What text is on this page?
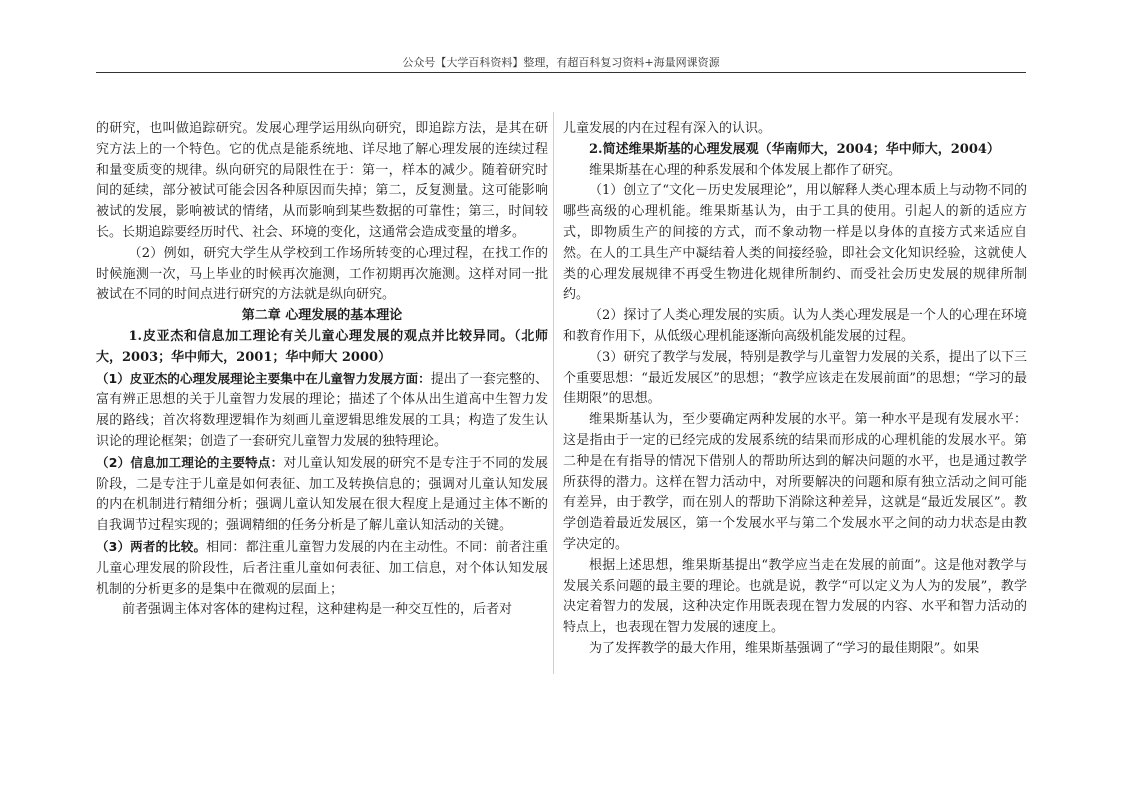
公众号【大学百科资料】整理，有超百科复习资料+海量网课资源

的研究，也叫做追踪研究。发展心理学运用纵向研究，即追踪方法，是其在研究方法上的一个特色。它的优点是能系统地、详尽地了解心理发展的连续过程和量变质变的规律。纵向研究的局限性在于：第一，样本的减少。随着研究时间的延续，部分被试可能会因各种原因而失掉；第二，反复测量。这可能影响被试的发展，影响被试的情绪，从而影响到某些数据的可靠性；第三，时间较长。长期追踪要经历时代、社会、环境的变化，这通常会造成变量的增多。

（2）例如，研究大学生从学校到工作场所转变的心理过程，在找工作的时候施测一次，马上毕业的时候再次施测，工作初期再次施测。这样对同一批被试在不同的时间点进行研究的方法就是纵向研究。

第二章 心理发展的基本理论

1.皮亚杰和信息加工理论有关儿童心理发展的观点并比较异同。（北师大，2003；华中师大，2001；华中师大 2000）

（1）皮亚杰的心理发展理论主要集中在儿童智力发展方面：提出了一套完整的、富有辨正思想的关于儿童智力发展的理论；描述了个体从出生道高中生智力发展的路线；首次将数理逻辑作为刻画儿童逻辑思维发展的工具；构造了发生认识论的理论框架；创造了一套研究儿童智力发展的独特理论。

（2）信息加工理论的主要特点：对儿童认知发展的研究不是专注于不同的发展阶段，二是专注于儿童是如何表征、加工及转换信息的；强调对儿童认知发展的内在机制进行精细分析；强调儿童认知发展在很大程度上是通过主体不断的自我调节过程实现的；强调精细的任务分析是了解儿童认知活动的关键。

（3）两者的比较。相同：都注重儿童智力发展的内在主动性。不同：前者注重儿童心理发展的阶段性，后者注重儿童如何表征、加工信息，对个体认知发展机制的分析更多的是集中在微观的层面上；

前者强调主体对客体的建构过程，这种建构是一种交互性的，后者对

儿童发展的内在过程有深入的认识。

2.简述维果斯基的心理发展观（华南师大，2004；华中师大，2004）

维果斯基在心理的种系发展和个体发展上都作了研究。

（1）创立了“文化－历史发展理论”，用以解释人类心理本质上与动物不同的哪些高级的心理机能。维果斯基认为，由于工具的使用。引起人的新的适应方式，即物质生产的间接的方式，而不象动物一样是以身体的直接方式来适应自然。在人的工具生产中凝结着人类的间接经验，即社会文化知识经验，这就使人类的心理发展规律不再受生物进化规律所制约、而受社会历史发展的规律所制约。

（2）探讨了人类心理发展的实质。认为人类心理发展是一个人的心理在环境和教育作用下，从低级心理机能逐渐向高级机能发展的过程。

（3）研究了教学与发展，特别是教学与儿童智力发展的关系，提出了以下三个重要思想：“最近发展区”的思想；“教学应该走在发展前面”的思想；“学习的最佳期限”的思想。

维果斯基认为，至少要确定两种发展的水平。第一种水平是现有发展水平：这是指由于一定的已经完成的发展系统的结果而形成的心理机能的发展水平。第二种是在有指导的情况下借别人的帮助所达到的解决问题的水平，也是通过教学所获得的潜力。这样在智力活动中，对所要解决的问题和原有独立活动之间可能有差异，由于教学，而在别人的帮助下消除这种差异，这就是“最近发展区”。教学创造着最近发展区，第一个发展水平与第二个发展水平之间的动力状态是由教学决定的。

根据上述思想，维果斯基提出“教学应当走在发展的前面”。这是他对教学与发展关系问题的最主要的理论。也就是说，教学“可以定义为人为的发展”，教学决定着智力的发展，这种决定作用既表现在智力发展的内容、水平和智力活动的特点上，也表现在智力发展的速度上。

为了发挥教学的最大作用，维果斯基强调了“学习的最佳期限”。如果
